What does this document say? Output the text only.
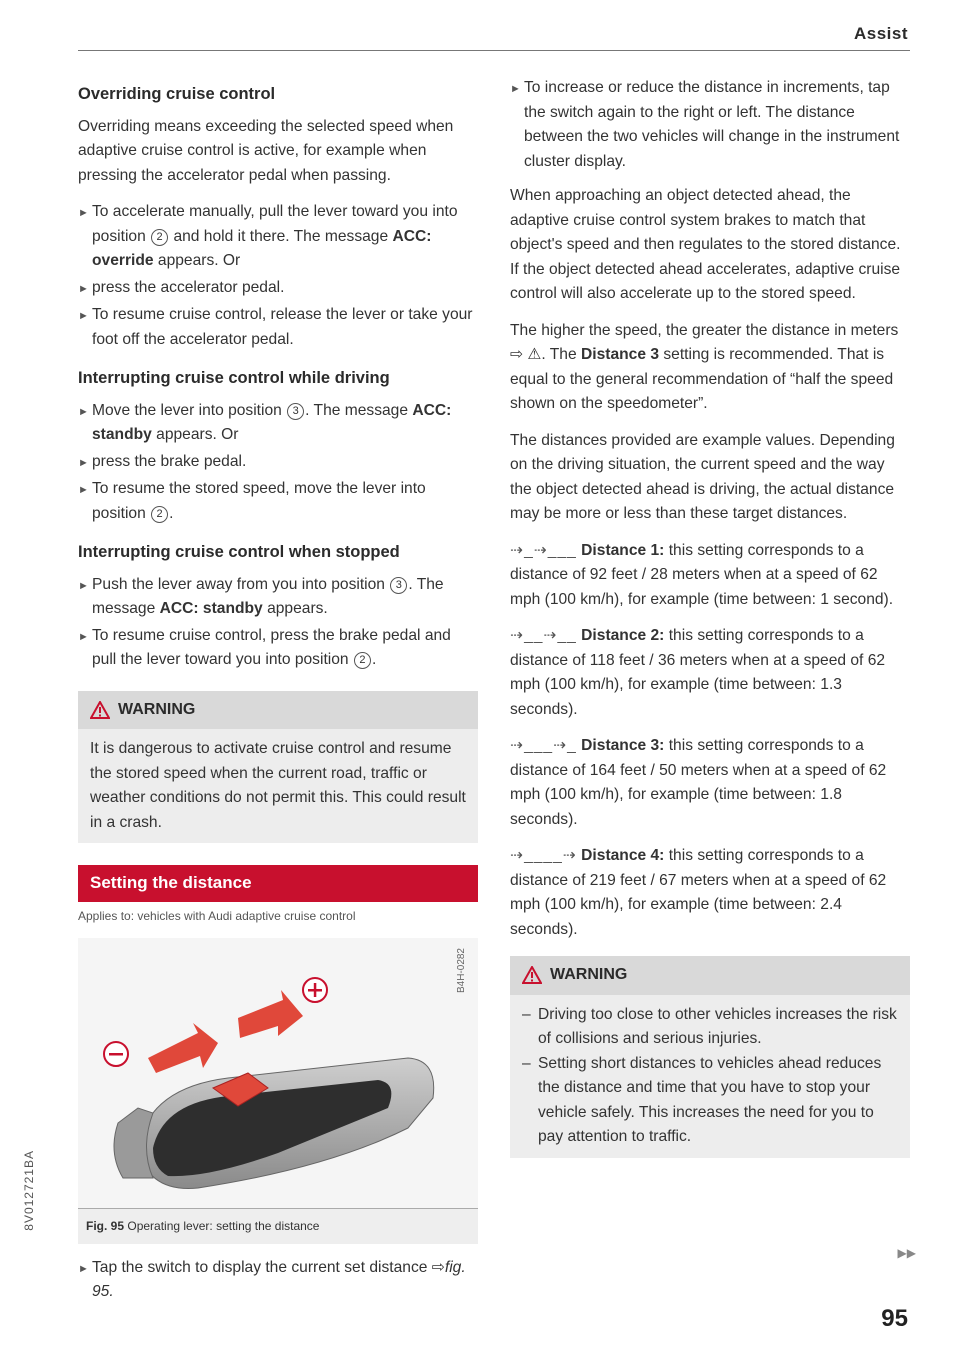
Assist
Overriding cruise control

Overriding means exceeding the selected speed when adaptive cruise control is active, for example when pressing the accelerator pedal when passing.

► To accelerate manually, pull the lever toward you into position 2 and hold it there. The message ACC: override appears. Or
► press the accelerator pedal.
► To resume cruise control, release the lever or take your foot off the accelerator pedal.
Interrupting cruise control while driving
► Move the lever into position 3 . The message ACC: standby appears. Or
► press the brake pedal.
► To resume the stored speed, move the lever into position 2 .
Interrupting cruise control when stopped
► Push the lever away from you into position 3 . The message ACC: standby appears.
► To resume cruise control, press the brake pedal and pull the lever toward you into position 2 .
WARNING
It is dangerous to activate cruise control and resume the stored speed when the current road, traffic or weather conditions do not permit this. This could result in a crash.
Setting the distance
Applies to: vehicles with Audi adaptive cruise control
B4H-0282
Fig. 95 Operating lever: setting the distance
► Tap the switch to display the current set distance ⇨fig. 95.
► To increase or reduce the distance in increments, tap the switch again to the right or left. The distance between the two vehicles will change in the instrument cluster display.

When approaching an object detected ahead, the adaptive cruise control system brakes to match that object's speed and then regulates to the stored distance. If the object detected ahead accelerates, adaptive cruise control will also accelerate up to the stored speed.

The higher the speed, the greater the distance in meters ⇨ ⚠. The Distance 3 setting is recommended. That is equal to the general recommendation of “half the speed shown on the speedometer”.

The distances provided are example values. Depending on the driving situation, the current speed and the way the object detected ahead is driving, the actual distance may be more or less than these target distances.

⇢_⇢___ Distance 1: this setting corresponds to a distance of 92 feet / 28 meters when at a speed of 62 mph (100 km/h), for example (time between: 1 second).

⇢__⇢__ Distance 2: this setting corresponds to a distance of 118 feet / 36 meters when at a speed of 62 mph (100 km/h), for example (time between: 1.3 seconds).

⇢___⇢_ Distance 3: this setting corresponds to a distance of 164 feet / 50 meters when at a speed of 62 mph (100 km/h), for example (time between: 1.8 seconds).

⇢____⇢ Distance 4: this setting corresponds to a distance of 219 feet / 67 meters when at a speed of 62 mph (100 km/h), for example (time between: 2.4 seconds).

WARNING
– Driving too close to other vehicles increases the risk of collisions and serious injuries.
– Setting short distances to vehicles ahead reduces the distance and time that you have to stop your vehicle safely. This increases the need for you to pay attention to traffic.
▶▶
8V012721BA
95
